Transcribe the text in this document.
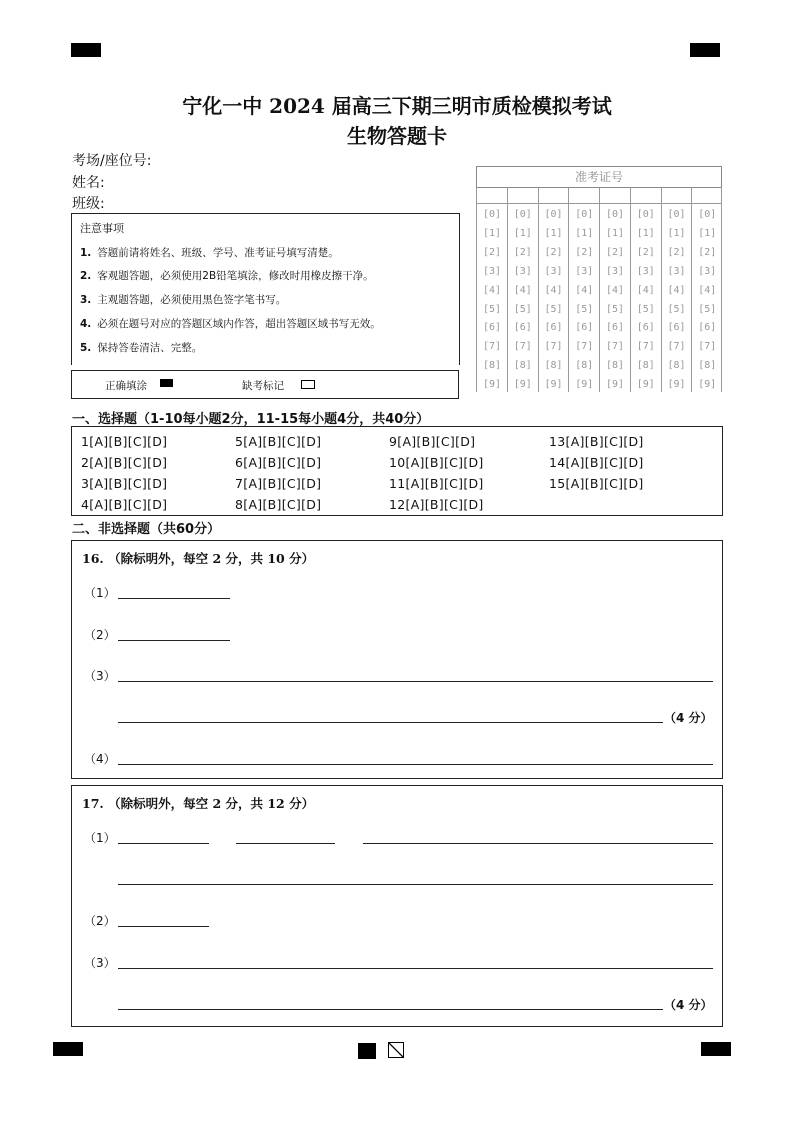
宁化一中 2024 届高三下期三明市质检模拟考试
生物答题卡
考场/座位号:
姓名:
班级:
注意事项
1. 答题前请将姓名、班级、学号、准考证号填写清楚。
2. 客观题答题，必须使用2B铅笔填涂，修改时用橡皮擦干净。
3. 主观题答题，必须使用黑色签字笔书写。
4. 必须在题号对应的答题区域内作答，超出答题区域书写无效。
5. 保持答卷清洁、完整。
正确填涂	缺考标记
准考证号
[0]
[1]
[2]
[3]
[4]
[5]
[6]
[7]
[8]
[9]
[0]
[1]
[2]
[3]
[4]
[5]
[6]
[7]
[8]
[9]
[0]
[1]
[2]
[3]
[4]
[5]
[6]
[7]
[8]
[9]
[0]
[1]
[2]
[3]
[4]
[5]
[6]
[7]
[8]
[9]
[0]
[1]
[2]
[3]
[4]
[5]
[6]
[7]
[8]
[9]
[0]
[1]
[2]
[3]
[4]
[5]
[6]
[7]
[8]
[9]
[0]
[1]
[2]
[3]
[4]
[5]
[6]
[7]
[8]
[9]
[0]
[1]
[2]
[3]
[4]
[5]
[6]
[7]
[8]
[9]
一、选择题（1-10每小题2分，11-15每小题4分，共40分）
二、非选择题（共60分）
16. （除标明外，每空 2 分，共 10 分）
（1）
（2）
（3）
（4 分）
（4）
17. （除标明外，每空 2 分，共 12 分）
（1）
（2）
（3）
（4 分）
1[A][B][C][D]
2[A][B][C][D]
3[A][B][C][D]
4[A][B][C][D]
5[A][B][C][D]
6[A][B][C][D]
7[A][B][C][D]
8[A][B][C][D]
9[A][B][C][D]
10[A][B][C][D]
11[A][B][C][D]
12[A][B][C][D]
13[A][B][C][D]
14[A][B][C][D]
15[A][B][C][D]
